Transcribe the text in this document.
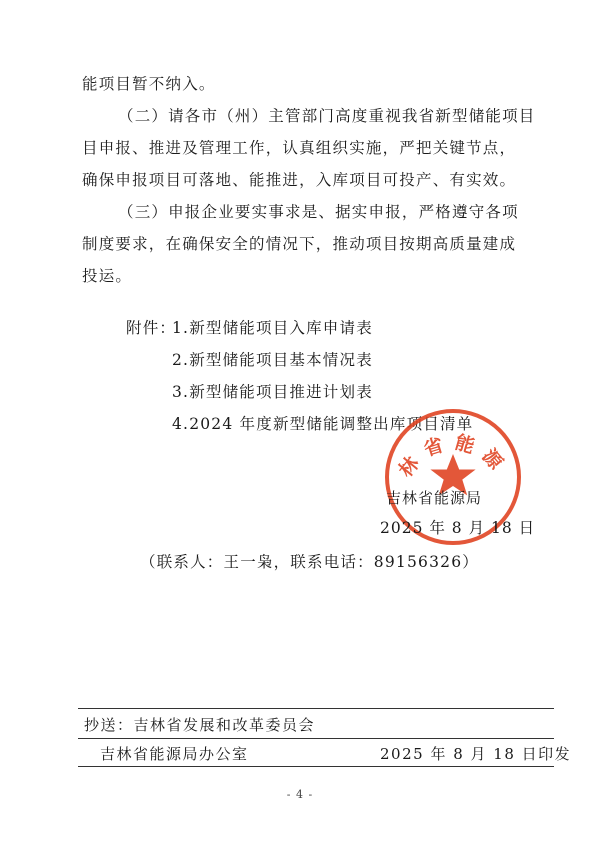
能项目暂不纳入。
（二）请各市（州）主管部门高度重视我省新型储能项目
目申报、推进及管理工作，认真组织实施，严把关键节点，
确保申报项目可落地、能推进，入库项目可投产、有实效。
（三）申报企业要实事求是、据实申报，严格遵守各项
制度要求，在确保安全的情况下，推动项目按期高质量建成
投运。
附件：
1.新型储能项目入库申请表
2.新型储能项目基本情况表
3.新型储能项目推进计划表
4.2024 年度新型储能调整出库项目清单
林省能源
吉林省能源局
2025 年 8 月 18 日
（联系人：王一枭，联系电话：89156326）
抄送：吉林省发展和改革委员会
吉林省能源局办公室	2025 年 8 月 18 日印发
- 4 -
